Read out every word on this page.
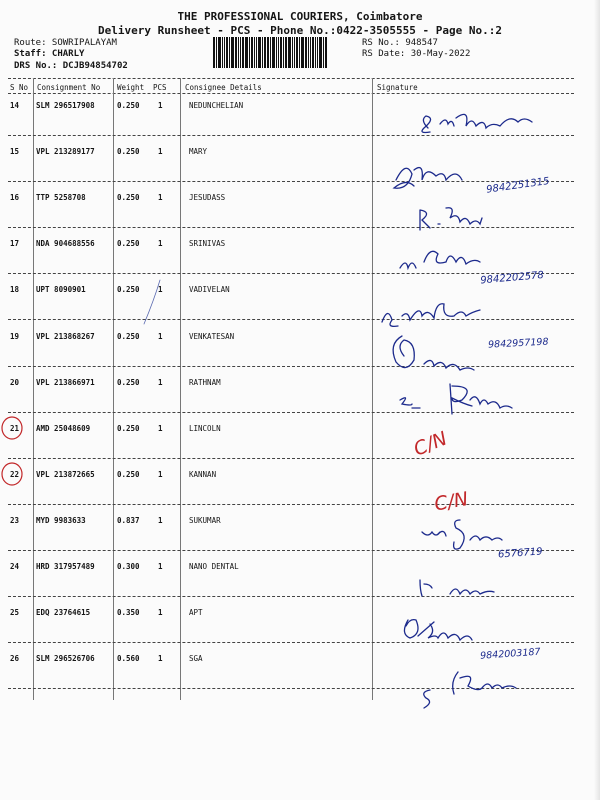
THE PROFESSIONAL COURIERS, Coimbatore
Delivery Runsheet - PCS - Phone No.:0422-3505555 - Page No.:2
Route: SOWRIPALAYAM
Staff: CHARLY
DRS No.: DCJB94854702
RS No.: 948547
RS Date: 30-May-2022
S No Consignment No Weight PCS Consignee Details	Signature
14 SLM 296517908	0.250 1	NEDUNCHELIAN
15 VPL 213289177	0.250 1	MARY
16 TTP 5258708	0.250 1	JESUDASS
17 NDA 904688556	0.250 1	SRINIVAS
18 UPT 8090901	0.250 1	VADIVELAN
19 VPL 213868267	0.250 1	VENKATESAN
20 VPL 213866971	0.250 1	RATHNAM
21 AMD 25048609	0.250 1	LINCOLN
22 VPL 213872665	0.250 1	KANNAN
23 MYD 9983633	0.837 1	SUKUMAR
24 HRD 317957489	0.300 1	NANO DENTAL
25 EDQ 23764615	0.350 1	APT
26 SLM 296526706	0.560 1	SGA
9842251315
9842202578
9842957198
C/N
C/N
6576719
9842003187
